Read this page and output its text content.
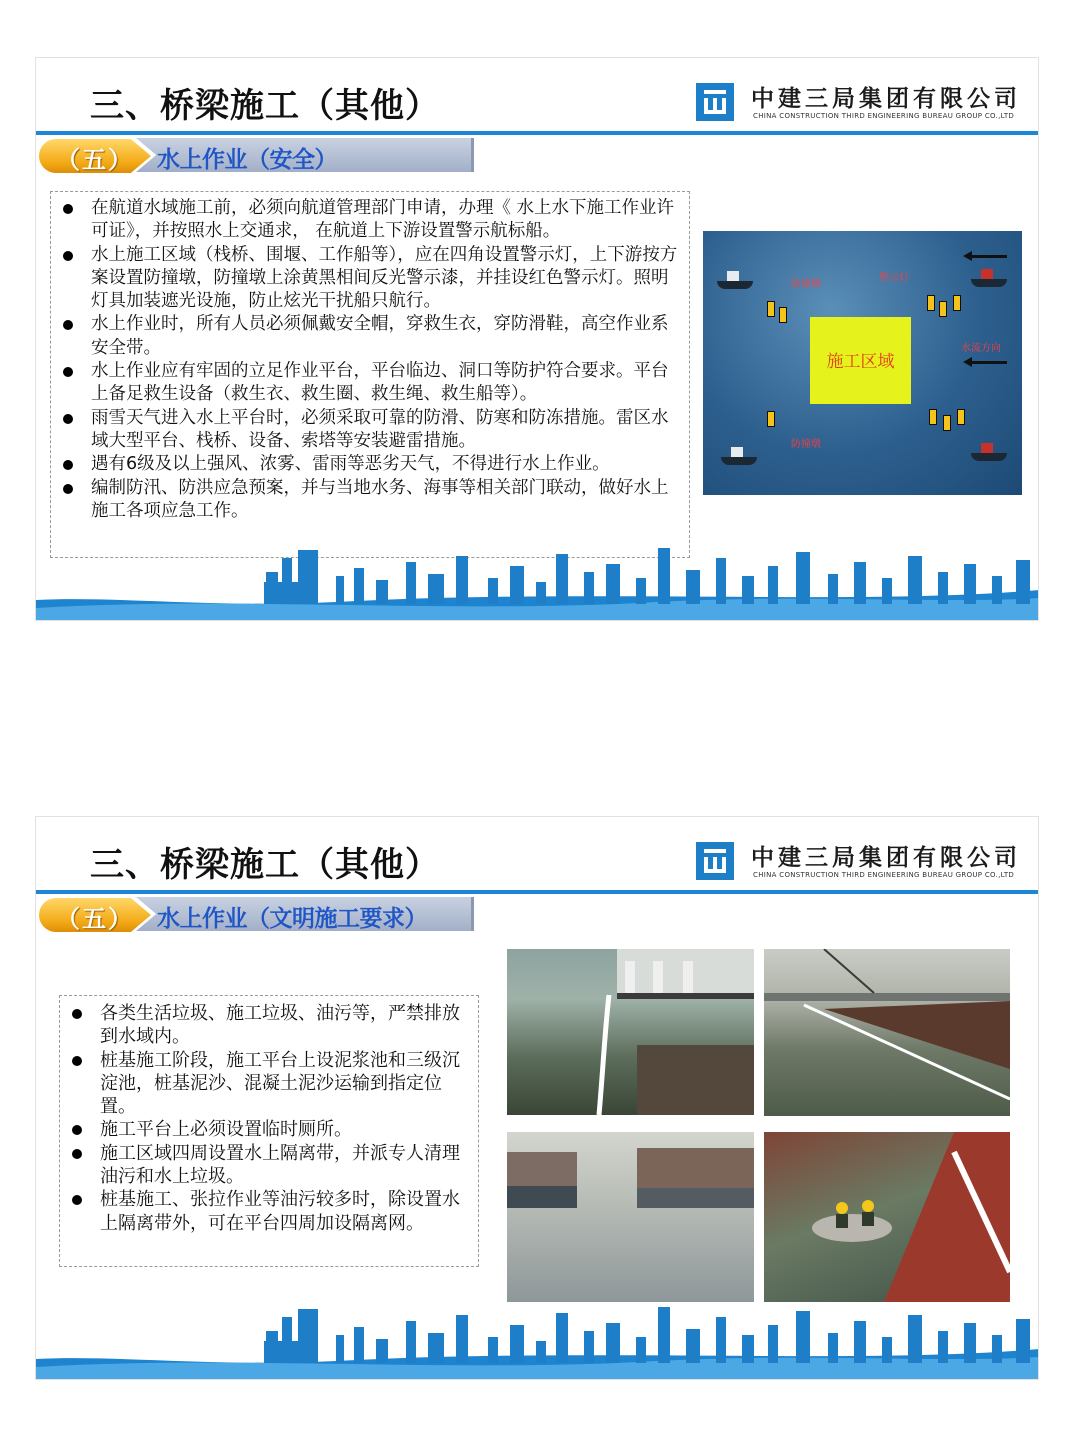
三、桥梁施工（其他）	中建三局集团有限公司
CHINA CONSTRUCTION THIRD ENGINEERING BUREAU GROUP CO.,LTD
（五） 水上作业（安全）
在航道水域施工前，必须向航道管理部门申请，办理《 水上水下施工作业许可证》，并按照水上交通求， 在航道上下游设置警示航标船。
水上施工区域（栈桥、围堰、工作船等），应在四角设置警示灯，上下游按方案设置防撞墩，防撞墩上涂黄黑相间反光警示漆，并挂设红色警示灯。照明灯具加装遮光设施，防止炫光干扰船只航行。
水上作业时，所有人员必须佩戴安全帽，穿救生衣，穿防滑鞋，高空作业系安全带。
水上作业应有牢固的立足作业平台，平台临边、洞口等防护符合要求。平台上备足救生设备（救生衣、救生圈、救生绳、救生船等）。
雨雪天气进入水上平台时，必须采取可靠的防滑、防寒和防冻措施。雷区水域大型平台、栈桥、设备、索塔等安装避雷措施。
遇有6级及以上强风、浓雾、雷雨等恶劣天气，不得进行水上作业。
编制防汛、防洪应急预案，并与当地水务、海事等相关部门联动，做好水上施工各项应急工作。
防撞墩
警示灯
水流方向
防撞墩
施工区域
三、桥梁施工（其他）	中建三局集团有限公司
CHINA CONSTRUCTION THIRD ENGINEERING BUREAU GROUP CO.,LTD
（五） 水上作业（文明施工要求）
各类生活垃圾、施工垃圾、油污等，严禁排放到水域内。
桩基施工阶段，施工平台上设泥浆池和三级沉淀池，桩基泥沙、混凝土泥沙运输到指定位置。
施工平台上必须设置临时厕所。
施工区域四周设置水上隔离带，并派专人清理油污和水上垃圾。
桩基施工、张拉作业等油污较多时，除设置水上隔离带外，可在平台四周加设隔离网。
